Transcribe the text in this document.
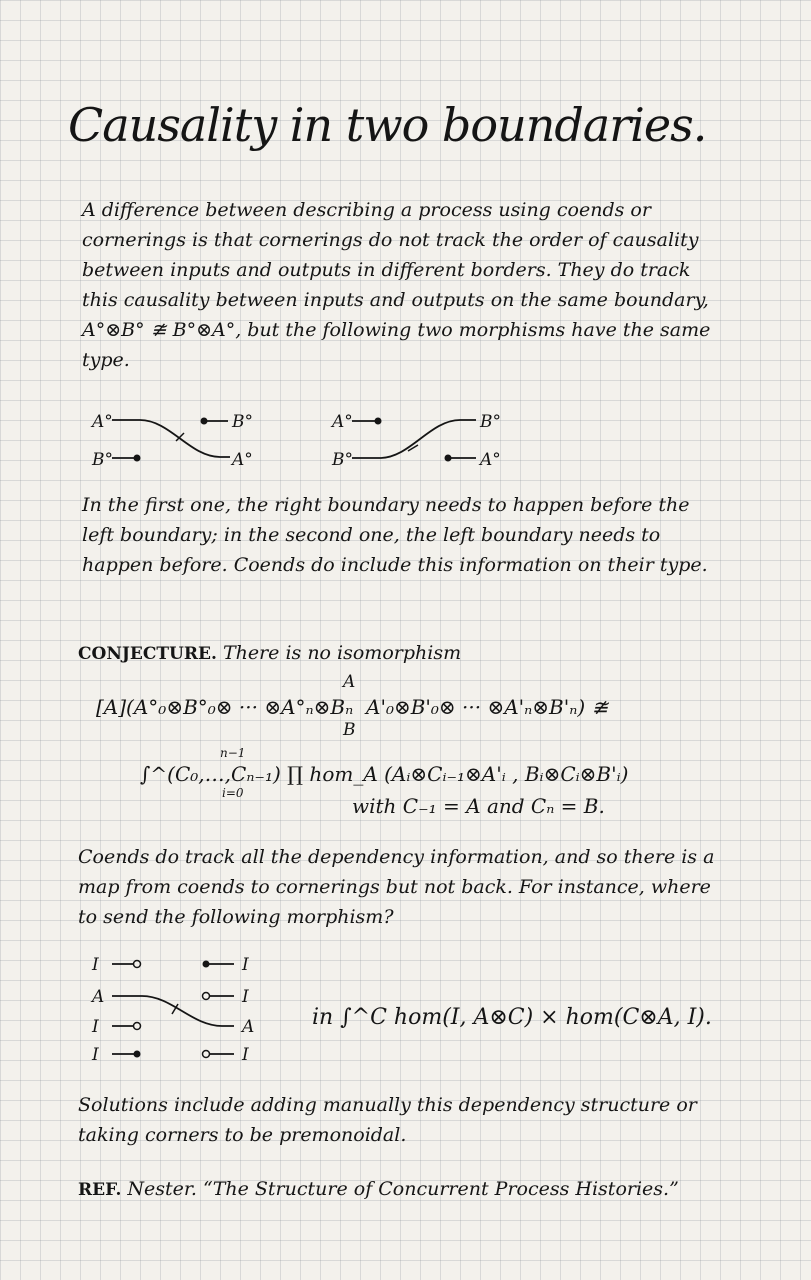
Causality in two boundaries.
A difference between describing a process using coends or cornerings is that cornerings do not track the order of causality between inputs and outputs in different borders. They do track this causality between inputs and outputs on the same boundary, A°⊗B° ≇ B°⊗A°, but the following two morphisms have the same type.
A°
B°
B°
A°
A°
B°
B°
A°
In the first one, the right boundary needs to happen before the left boundary; in the second one, the left boundary needs to happen before. Coends do include this information on their type.
CONJECTURE. There is no isomorphism
[A](A°₀⊗B°₀⊗ ··· ⊗A°ₙ⊗Bₙ
A
B
A'₀⊗B'₀⊗ ··· ⊗A'ₙ⊗B'ₙ) ≇
n−1
∫^(C₀,…,Cₙ₋₁) ∏ hom_A (Aᵢ⊗Cᵢ₋₁⊗A'ᵢ , Bᵢ⊗Cᵢ⊗B'ᵢ)
i=0
with C₋₁ = A and Cₙ = B.
Coends do track all the dependency information, and so there is a map from coends to cornerings but not back. For instance, where to send the following morphism?
I
A
I
I
I
I
A
I
in ∫^C hom(I, A⊗C) × hom(C⊗A, I).
Solutions include adding manually this dependency structure or taking corners to be premonoidal.
REF. Nester. “The Structure of Concurrent Process Histories.”
